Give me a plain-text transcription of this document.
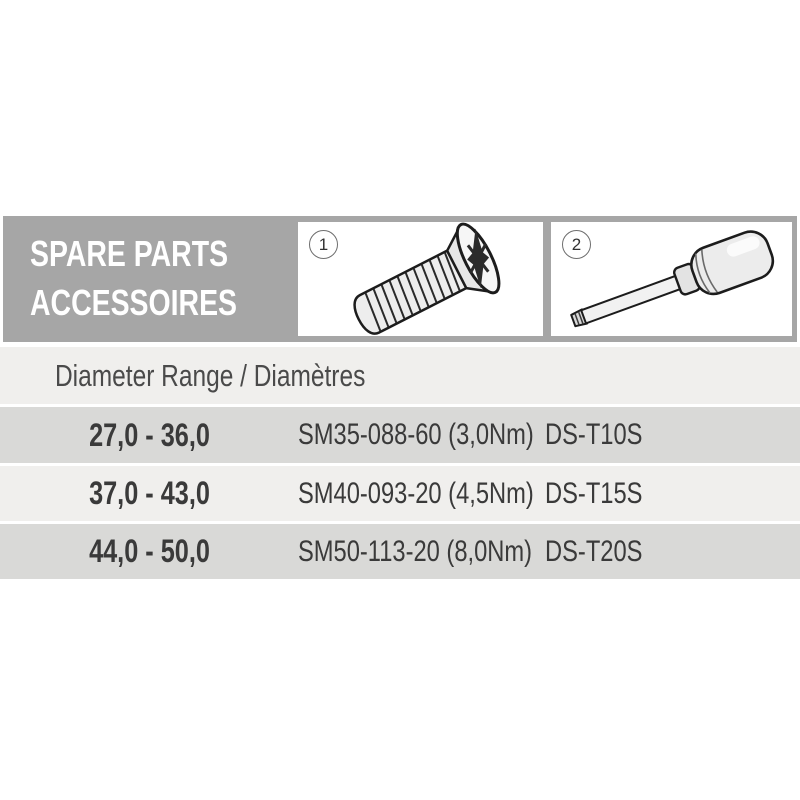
SPARE PARTS
ACCESSOIRES
1	2
Diameter Range / Diamètres
27,0 - 36,0	SM35-088-60 (3,0Nm) DS-T10S
37,0 - 43,0	SM40-093-20 (4,5Nm) DS-T15S
44,0 - 50,0	SM50-113-20 (8,0Nm) DS-T20S
